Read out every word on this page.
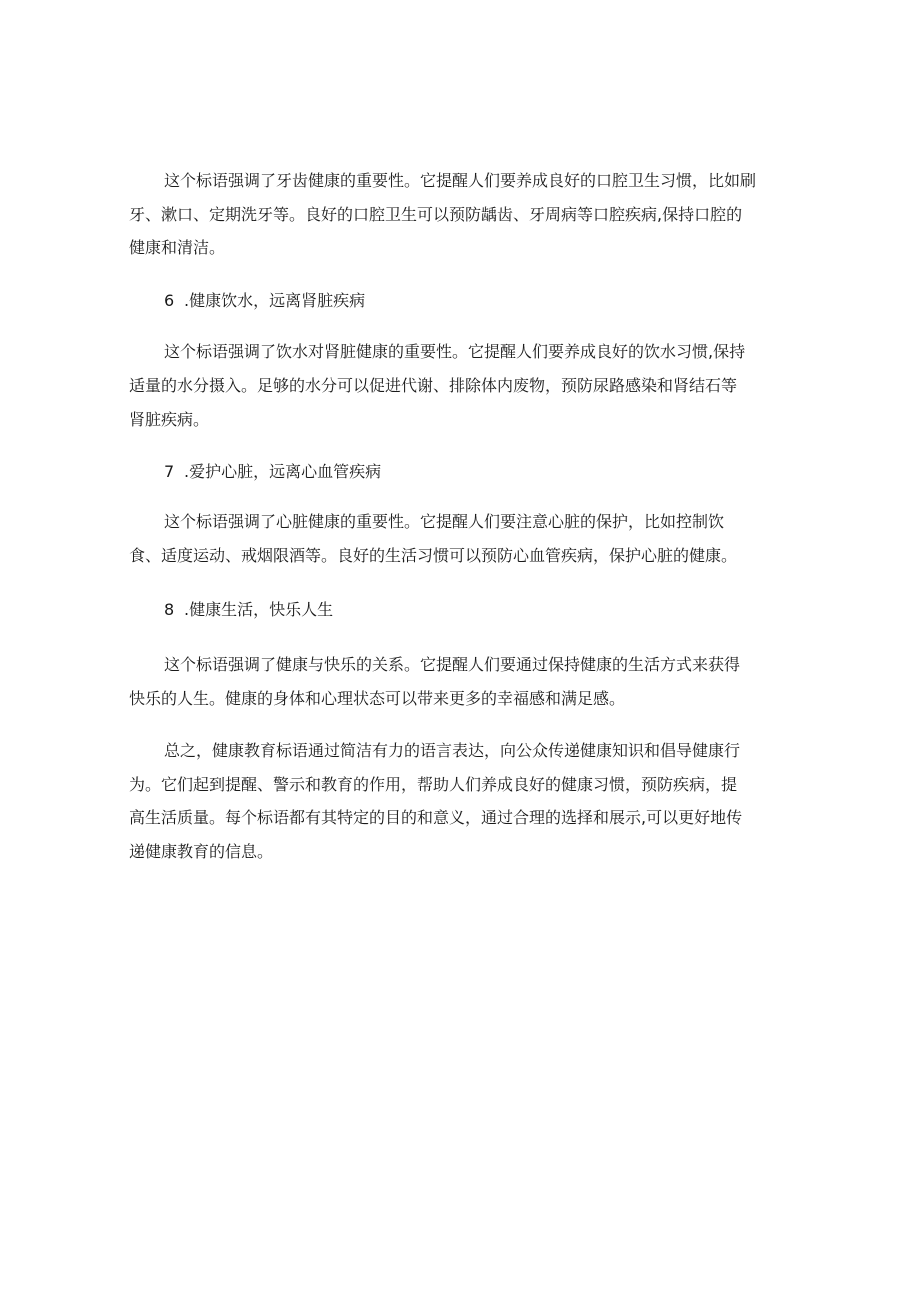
这个标语强调了牙齿健康的重要性。它提醒人们要养成良好的口腔卫生习惯，比如刷
牙、漱口、定期洗牙等。良好的口腔卫生可以预防龋齿、牙周病等口腔疾病,保持口腔的
健康和清洁。
6 .健康饮水，远离肾脏疾病
这个标语强调了饮水对肾脏健康的重要性。它提醒人们要养成良好的饮水习惯,保持
适量的水分摄入。足够的水分可以促进代谢、排除体内废物，预防尿路感染和肾结石等
肾脏疾病。
7 .爱护心脏，远离心血管疾病
这个标语强调了心脏健康的重要性。它提醒人们要注意心脏的保护，比如控制饮
食、适度运动、戒烟限酒等。良好的生活习惯可以预防心血管疾病，保护心脏的健康。
8 .健康生活，快乐人生
这个标语强调了健康与快乐的关系。它提醒人们要通过保持健康的生活方式来获得
快乐的人生。健康的身体和心理状态可以带来更多的幸福感和满足感。
总之，健康教育标语通过简洁有力的语言表达，向公众传递健康知识和倡导健康行
为。它们起到提醒、警示和教育的作用，帮助人们养成良好的健康习惯，预防疾病，提
高生活质量。每个标语都有其特定的目的和意义，通过合理的选择和展示,可以更好地传
递健康教育的信息。
